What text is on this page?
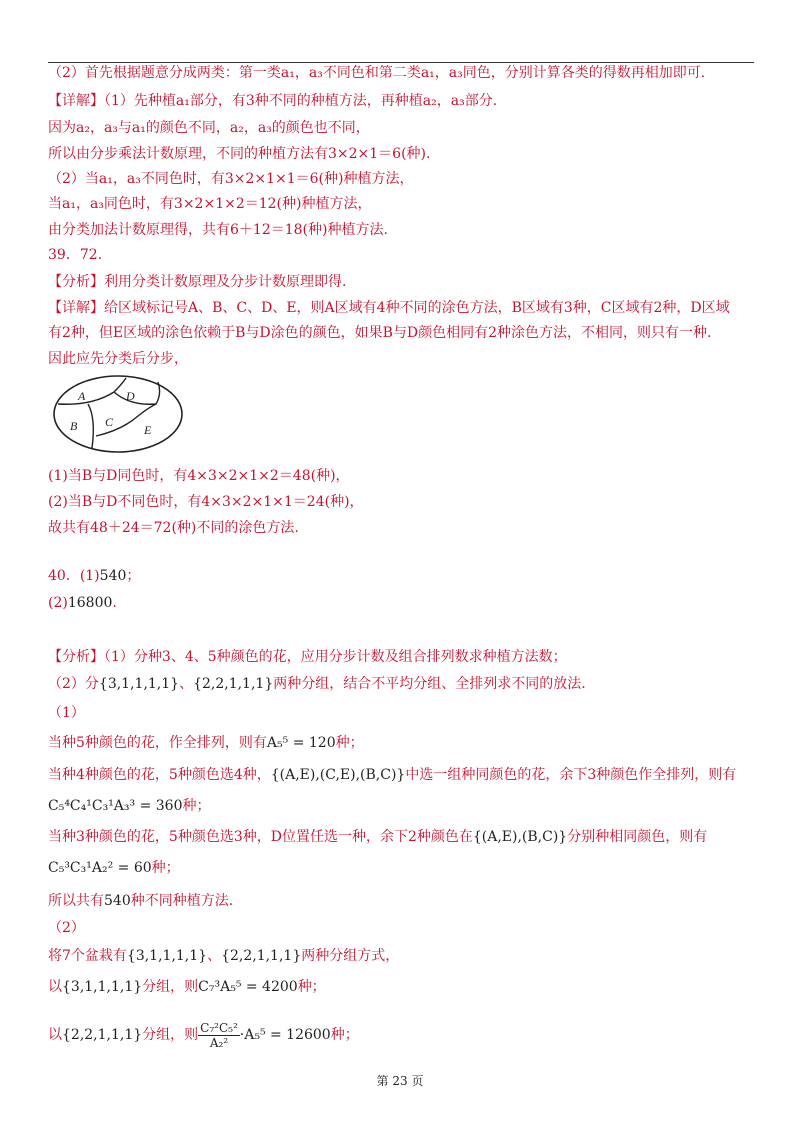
（2）首先根据题意分成两类：第一类a₁，a₃不同色和第二类a₁，a₃同色，分别计算各类的得数再相加即可.
【详解】（1）先种植a₁部分，有3种不同的种植方法，再种植a₂，a₃部分.
因为a₂，a₃与a₁的颜色不同，a₂，a₃的颜色也不同，
所以由分步乘法计数原理，不同的种植方法有3×2×1＝6(种).
（2）当a₁，a₃不同色时，有3×2×1×1＝6(种)种植方法，
当a₁，a₃同色时，有3×2×1×2＝12(种)种植方法，
由分类加法计数原理得，共有6＋12＝18(种)种植方法.
39．72.
【分析】利用分类计数原理及分步计数原理即得.
【详解】给区域标记号A、B、C、D、E，则A区域有4种不同的涂色方法，B区域有3种，C区域有2种，D区域
有2种，但E区域的涂色依赖于B与D涂色的颜色，如果B与D颜色相同有2种涂色方法，不相同，则只有一种.
因此应先分类后分步，
A	D
B C
E
(1)当B与D同色时，有4×3×2×1×2＝48(种)，
(2)当B与D不同色时，有4×3×2×1×1＝24(种)，
故共有48＋24＝72(种)不同的涂色方法.
40．(1)540；
(2)16800.
【分析】（1）分种3、4、5种颜色的花，应用分步计数及组合排列数求种植方法数；
（2）分{3,1,1,1,1}、{2,2,1,1,1}两种分组，结合不平均分组、全排列求不同的放法.
（1）
当种5种颜色的花，作全排列，则有A₅⁵ = 120种；
当种4种颜色的花，5种颜色选4种，{(A,E),(C,E),(B,C)}中选一组种同颜色的花，余下3种颜色作全排列，则有
C₅⁴C₄¹C₃¹A₃³ = 360种；
当种3种颜色的花，5种颜色选3种，D位置任选一种，余下2种颜色在{(A,E),(B,C)}分别种相同颜色，则有
C₅³C₃¹A₂² = 60种；
所以共有540种不同种植方法.
（2）
将7个盆栽有{3,1,1,1,1}、{2,2,1,1,1}两种分组方式，
以{3,1,1,1,1}分组，则C₇³A₅⁵ = 4200种；
以{2,2,1,1,1}分组，则 $\frac{\text{C₇²C₅²}}{\text{A₂²}} \cdot A_5^5 = 12600$种；
第 23 页
